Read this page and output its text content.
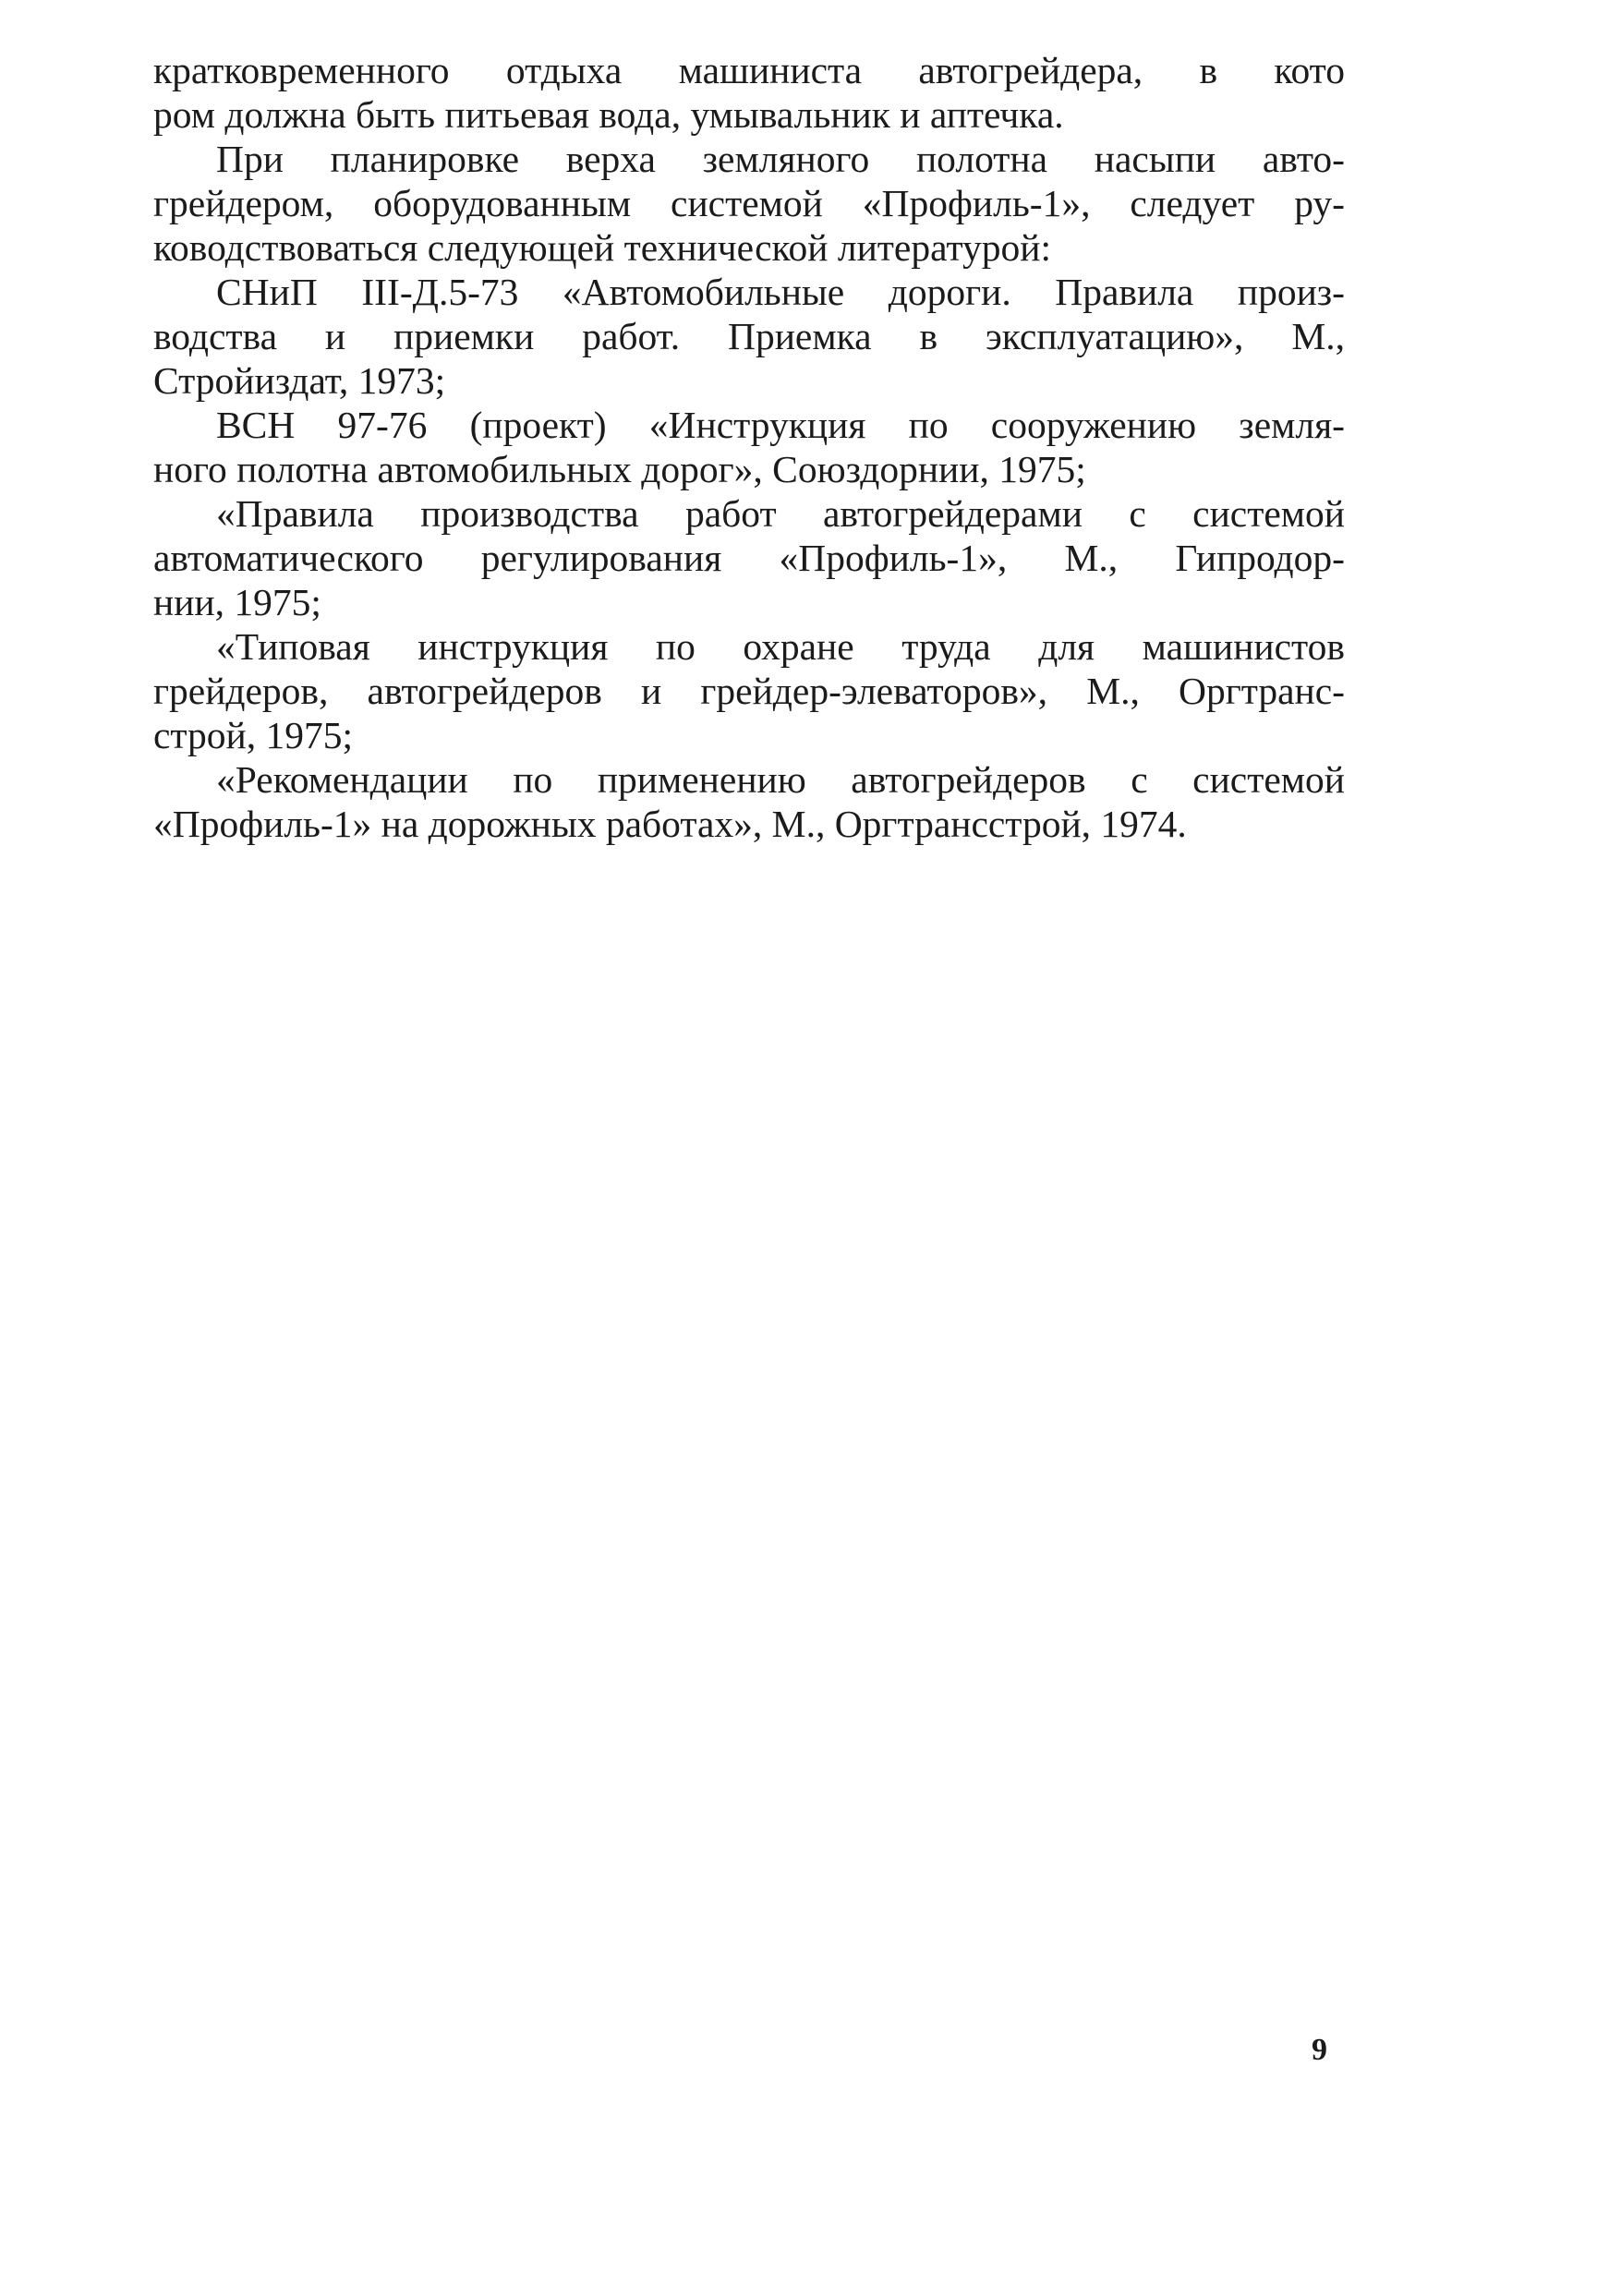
кратковременного отдыха машиниста автогрейдера, в кото
ром должна быть питьевая вода, умывальник и аптечка.
При планировке верха земляного полотна насыпи авто-
грейдером, оборудованным системой «Профиль-1», следует ру-
ководствоваться следующей технической литературой:
СНиП III-Д.5-73 «Автомобильные дороги. Правила произ-
водства и приемки работ. Приемка в эксплуатацию», М.,
Стройиздат, 1973;
ВСН 97-76 (проект) «Инструкция по сооружению земля-
ного полотна автомобильных дорог», Союздорнии, 1975;
«Правила производства работ автогрейдерами с системой
автоматического регулирования «Профиль-1», М., Гипродор-
нии, 1975;
«Типовая инструкция по охране труда для машинистов
грейдеров, автогрейдеров и грейдер-элеваторов», М., Оргтранс-
строй, 1975;
«Рекомендации по применению автогрейдеров с системой
«Профиль-1» на дорожных работах», М., Оргтрансстрой, 1974.
9
